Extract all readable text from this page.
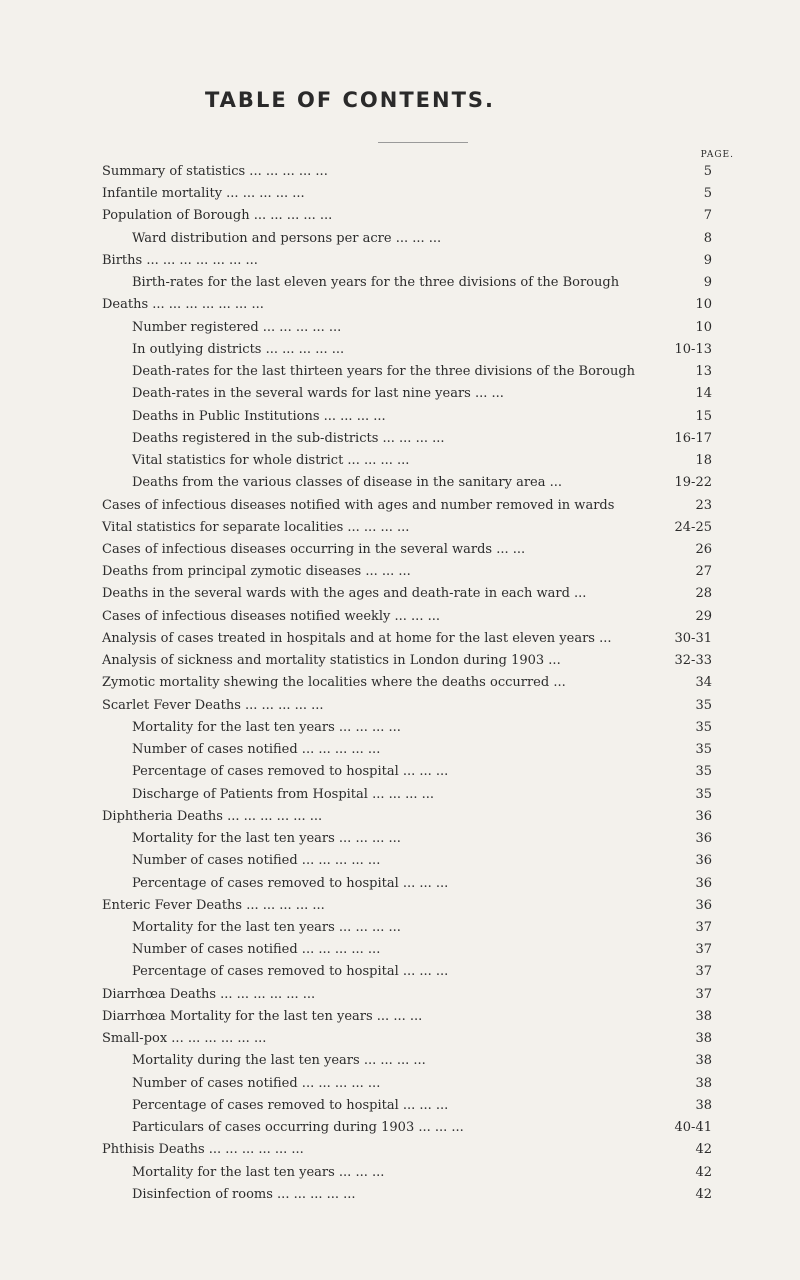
TABLE OF CONTENTS.
PAGE.
Summary of statistics ... ... ... ... ...	5
Infantile mortality ... ... ... ... ...	5
Population of Borough ... ... ... ... ...	7
Ward distribution and persons per acre ... ... ...	8
Births ... ... ... ... ... ... ...	9
Birth-rates for the last eleven years for the three divisions of the Borough	9
Deaths ... ... ... ... ... ... ...	10
Number registered ... ... ... ... ...	10
In outlying districts ... ... ... ... ...	10-13
Death-rates for the last thirteen years for the three divisions of the Borough	13
Death-rates in the several wards for last nine years ... ...	14
Deaths in Public Institutions ... ... ... ...	15
Deaths registered in the sub-districts ... ... ... ...	16-17
Vital statistics for whole district ... ... ... ...	18
Deaths from the various classes of disease in the sanitary area ...	19-22
Cases of infectious diseases notified with ages and number removed in wards	23
Vital statistics for separate localities ... ... ... ...	24-25
Cases of infectious diseases occurring in the several wards ... ...	26
Deaths from principal zymotic diseases ... ... ...	27
Deaths in the several wards with the ages and death-rate in each ward ...	28
Cases of infectious diseases notified weekly ... ... ...	29
Analysis of cases treated in hospitals and at home for the last eleven years ...	30-31
Analysis of sickness and mortality statistics in London during 1903 ...	32-33
Zymotic mortality shewing the localities where the deaths occurred ...	34
Scarlet Fever Deaths ... ... ... ... ...	35
Mortality for the last ten years ... ... ... ...	35
Number of cases notified ... ... ... ... ...	35
Percentage of cases removed to hospital ... ... ...	35
Discharge of Patients from Hospital ... ... ... ...	35
Diphtheria Deaths ... ... ... ... ... ...	36
Mortality for the last ten years ... ... ... ...	36
Number of cases notified ... ... ... ... ...	36
Percentage of cases removed to hospital ... ... ...	36
Enteric Fever Deaths ... ... ... ... ...	36
Mortality for the last ten years ... ... ... ...	37
Number of cases notified ... ... ... ... ...	37
Percentage of cases removed to hospital ... ... ...	37
Diarrhœa Deaths ... ... ... ... ... ...	37
Diarrhœa Mortality for the last ten years ... ... ...	38
Small-pox ... ... ... ... ... ...	38
Mortality during the last ten years ... ... ... ...	38
Number of cases notified ... ... ... ... ...	38
Percentage of cases removed to hospital ... ... ...	38
Particulars of cases occurring during 1903 ... ... ...	40-41
Phthisis Deaths ... ... ... ... ... ...	42
Mortality for the last ten years ... ... ...	42
Disinfection of rooms ... ... ... ... ...	42
